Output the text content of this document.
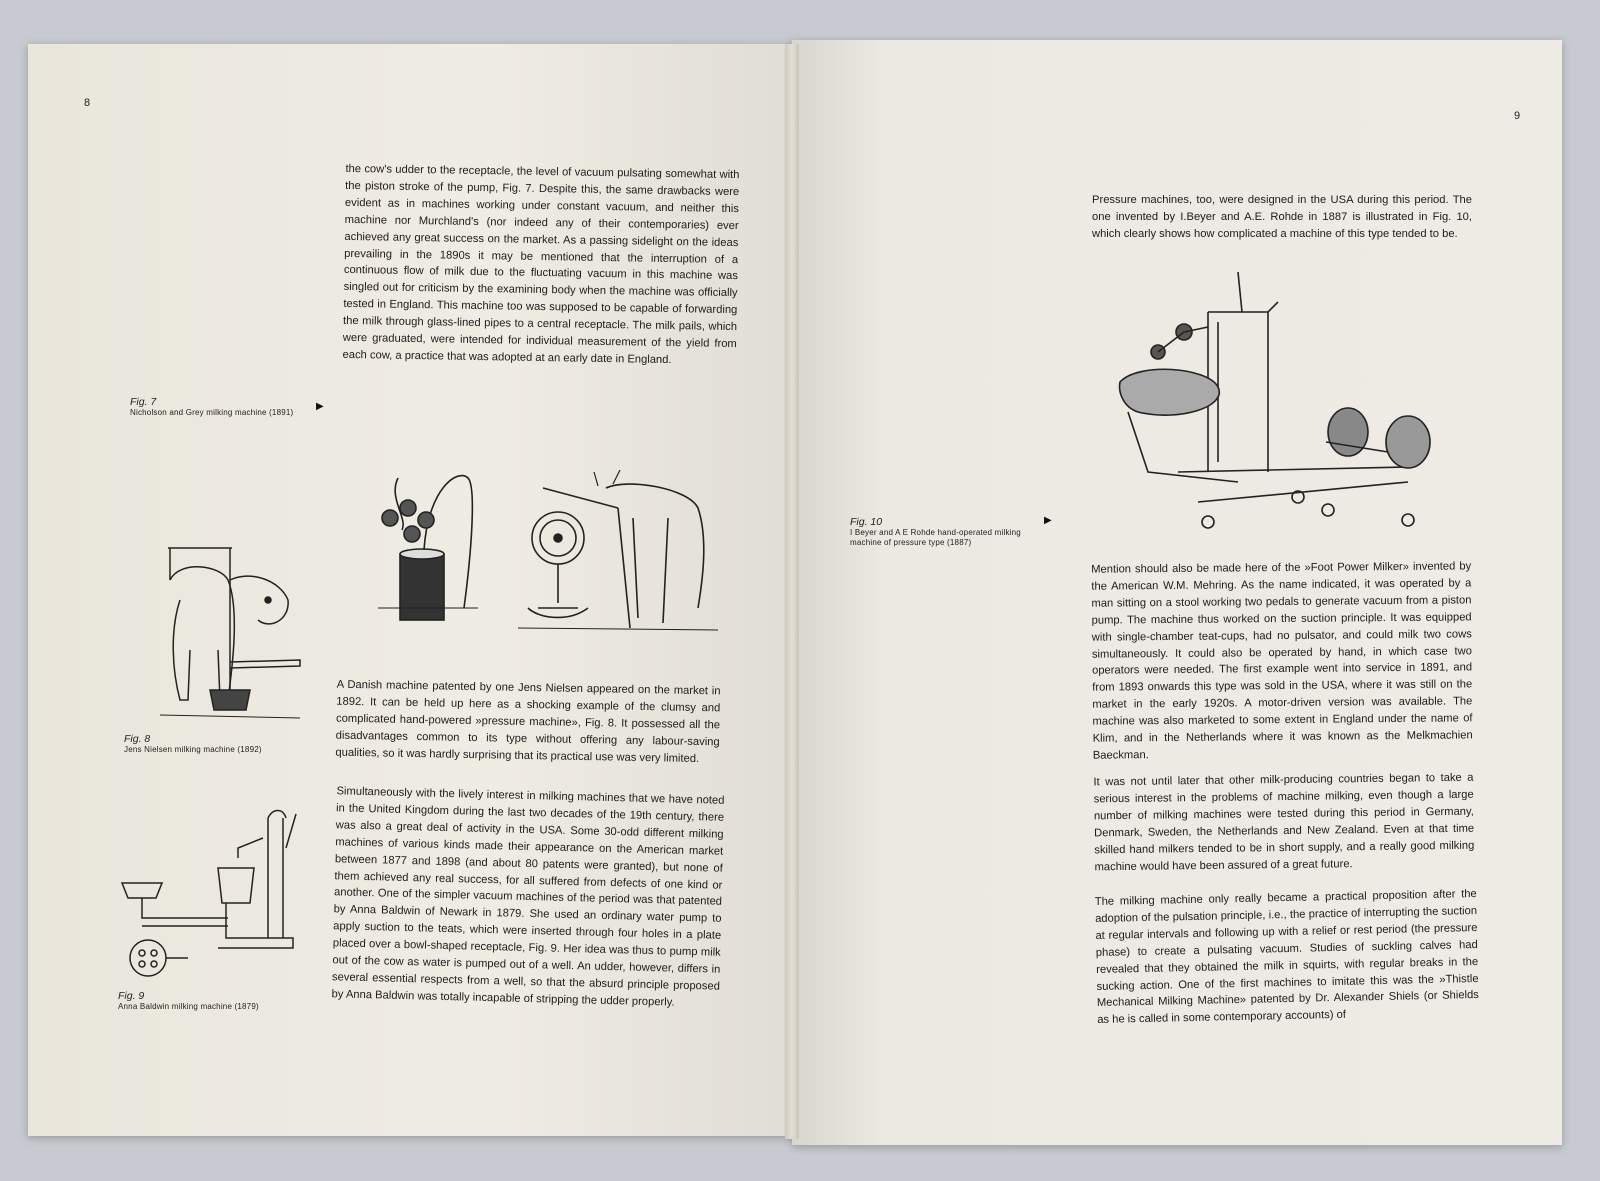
8
the cow's udder to the receptacle, the level of vacuum pulsating somewhat with the piston stroke of the pump, Fig. 7. Despite this, the same drawbacks were evident as in machines working under constant vacuum, and neither this machine nor Murchland's (nor indeed any of their contemporaries) ever achieved any great success on the market. As a passing sidelight on the ideas prevailing in the 1890s it may be mentioned that the interruption of a continuous flow of milk due to the fluctuating vacuum in this machine was singled out for criticism by the examining body when the machine was officially tested in England. This machine too was supposed to be capable of forwarding the milk through glass-lined pipes to a central receptacle. The milk pails, which were graduated, were intended for individual measurement of the yield from each cow, a practice that was adopted at an early date in England.
Fig. 7
Nicholson and Grey milking machine (1891)
▶
Fig. 8
Jens Nielsen milking machine (1892)
A Danish machine patented by one Jens Nielsen appeared on the market in 1892. It can be held up here as a shocking example of the clumsy and complicated hand-powered »pressure machine», Fig. 8. It possessed all the disadvantages common to its type without offering any labour-saving qualities, so it was hardly surprising that its practical use was very limited.
Simultaneously with the lively interest in milking machines that we have noted in the United Kingdom during the last two decades of the 19th century, there was also a great deal of activity in the USA. Some 30-odd different milking machines of various kinds made their appearance on the American market between 1877 and 1898 (and about 80 patents were granted), but none of them achieved any real success, for all suffered from defects of one kind or another. One of the simpler vacuum machines of the period was that patented by Anna Baldwin of Newark in 1879. She used an ordinary water pump to apply suction to the teats, which were inserted through four holes in a plate placed over a bowl-shaped receptacle, Fig. 9. Her idea was thus to pump milk out of the cow as water is pumped out of a well. An udder, however, differs in several essential respects from a well, so that the absurd principle proposed by Anna Baldwin was totally incapable of stripping the udder properly.
Fig. 9
Anna Baldwin milking machine (1879)
9
Pressure machines, too, were designed in the USA during this period. The one invented by I.Beyer and A.E. Rohde in 1887 is illustrated in Fig. 10, which clearly shows how complicated a machine of this type tended to be.
Fig. 10
I Beyer and A E Rohde hand-operated milking machine of pressure type (1887)
▶
Mention should also be made here of the »Foot Power Milker» invented by the American W.M. Mehring. As the name indicated, it was operated by a man sitting on a stool working two pedals to generate vacuum from a piston pump. The machine thus worked on the suction principle. It was equipped with single-chamber teat-cups, had no pulsator, and could milk two cows simultaneously. It could also be operated by hand, in which case two operators were needed. The first example went into service in 1891, and from 1893 onwards this type was sold in the USA, where it was still on the market in the early 1920s. A motor-driven version was available. The machine was also marketed to some extent in England under the name of Klim, and in the Netherlands where it was known as the Melkmachien Baeckman.
It was not until later that other milk-producing countries began to take a serious interest in the problems of machine milking, even though a large number of milking machines were tested during this period in Germany, Denmark, Sweden, the Netherlands and New Zealand. Even at that time skilled hand milkers tended to be in short supply, and a really good milking machine would have been assured of a great future.
The milking machine only really became a practical proposition after the adoption of the pulsation principle, i.e., the practice of interrupting the suction at regular intervals and following up with a relief or rest period (the pressure phase) to create a pulsating vacuum. Studies of suckling calves had revealed that they obtained the milk in squirts, with regular breaks in the sucking action. One of the first machines to imitate this was the »Thistle Mechanical Milking Machine» patented by Dr. Alexander Shiels (or Shields as he is called in some contemporary accounts) of
